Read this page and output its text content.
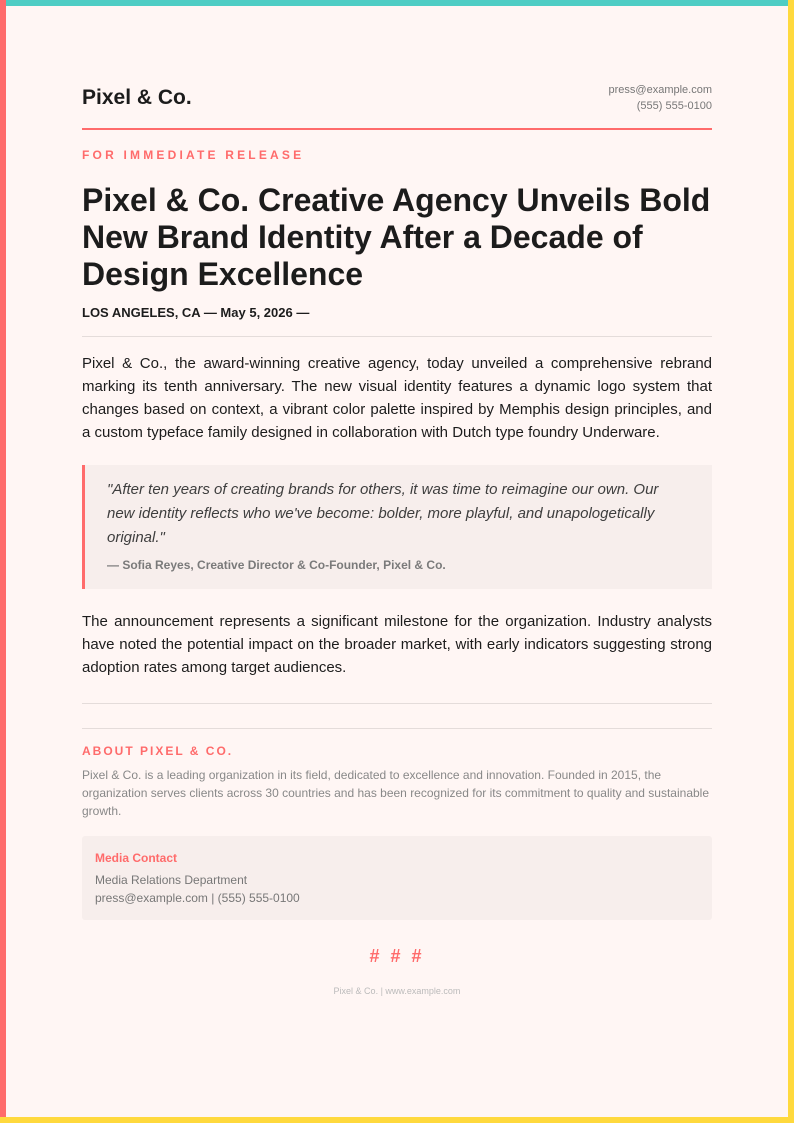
Pixel & Co.	press@example.com
(555) 555-0100
FOR IMMEDIATE RELEASE
Pixel & Co. Creative Agency Unveils Bold New Brand Identity After a Decade of Design Excellence
LOS ANGELES, CA — May 5, 2026 —

Pixel & Co., the award-winning creative agency, today unveiled a comprehensive rebrand marking its tenth anniversary. The new visual identity features a dynamic logo system that changes based on context, a vibrant color palette inspired by Memphis design principles, and a custom typeface family designed in collaboration with Dutch type foundry Underware.

"After ten years of creating brands for others, it was time to reimagine our own. Our new identity reflects who we've become: bolder, more playful, and unapologetically original."
— Sofia Reyes, Creative Director & Co-Founder, Pixel & Co.

The announcement represents a significant milestone for the organization. Industry analysts have noted the potential impact on the broader market, with early indicators suggesting strong adoption rates among target audiences.

ABOUT PIXEL & CO.

Pixel & Co. is a leading organization in its field, dedicated to excellence and innovation. Founded in 2015, the organization serves clients across 30 countries and has been recognized for its commitment to quality and sustainable growth.

Media Contact
Media Relations Department
press@example.com | (555) 555-0100
# # #
Pixel & Co. | www.example.com
